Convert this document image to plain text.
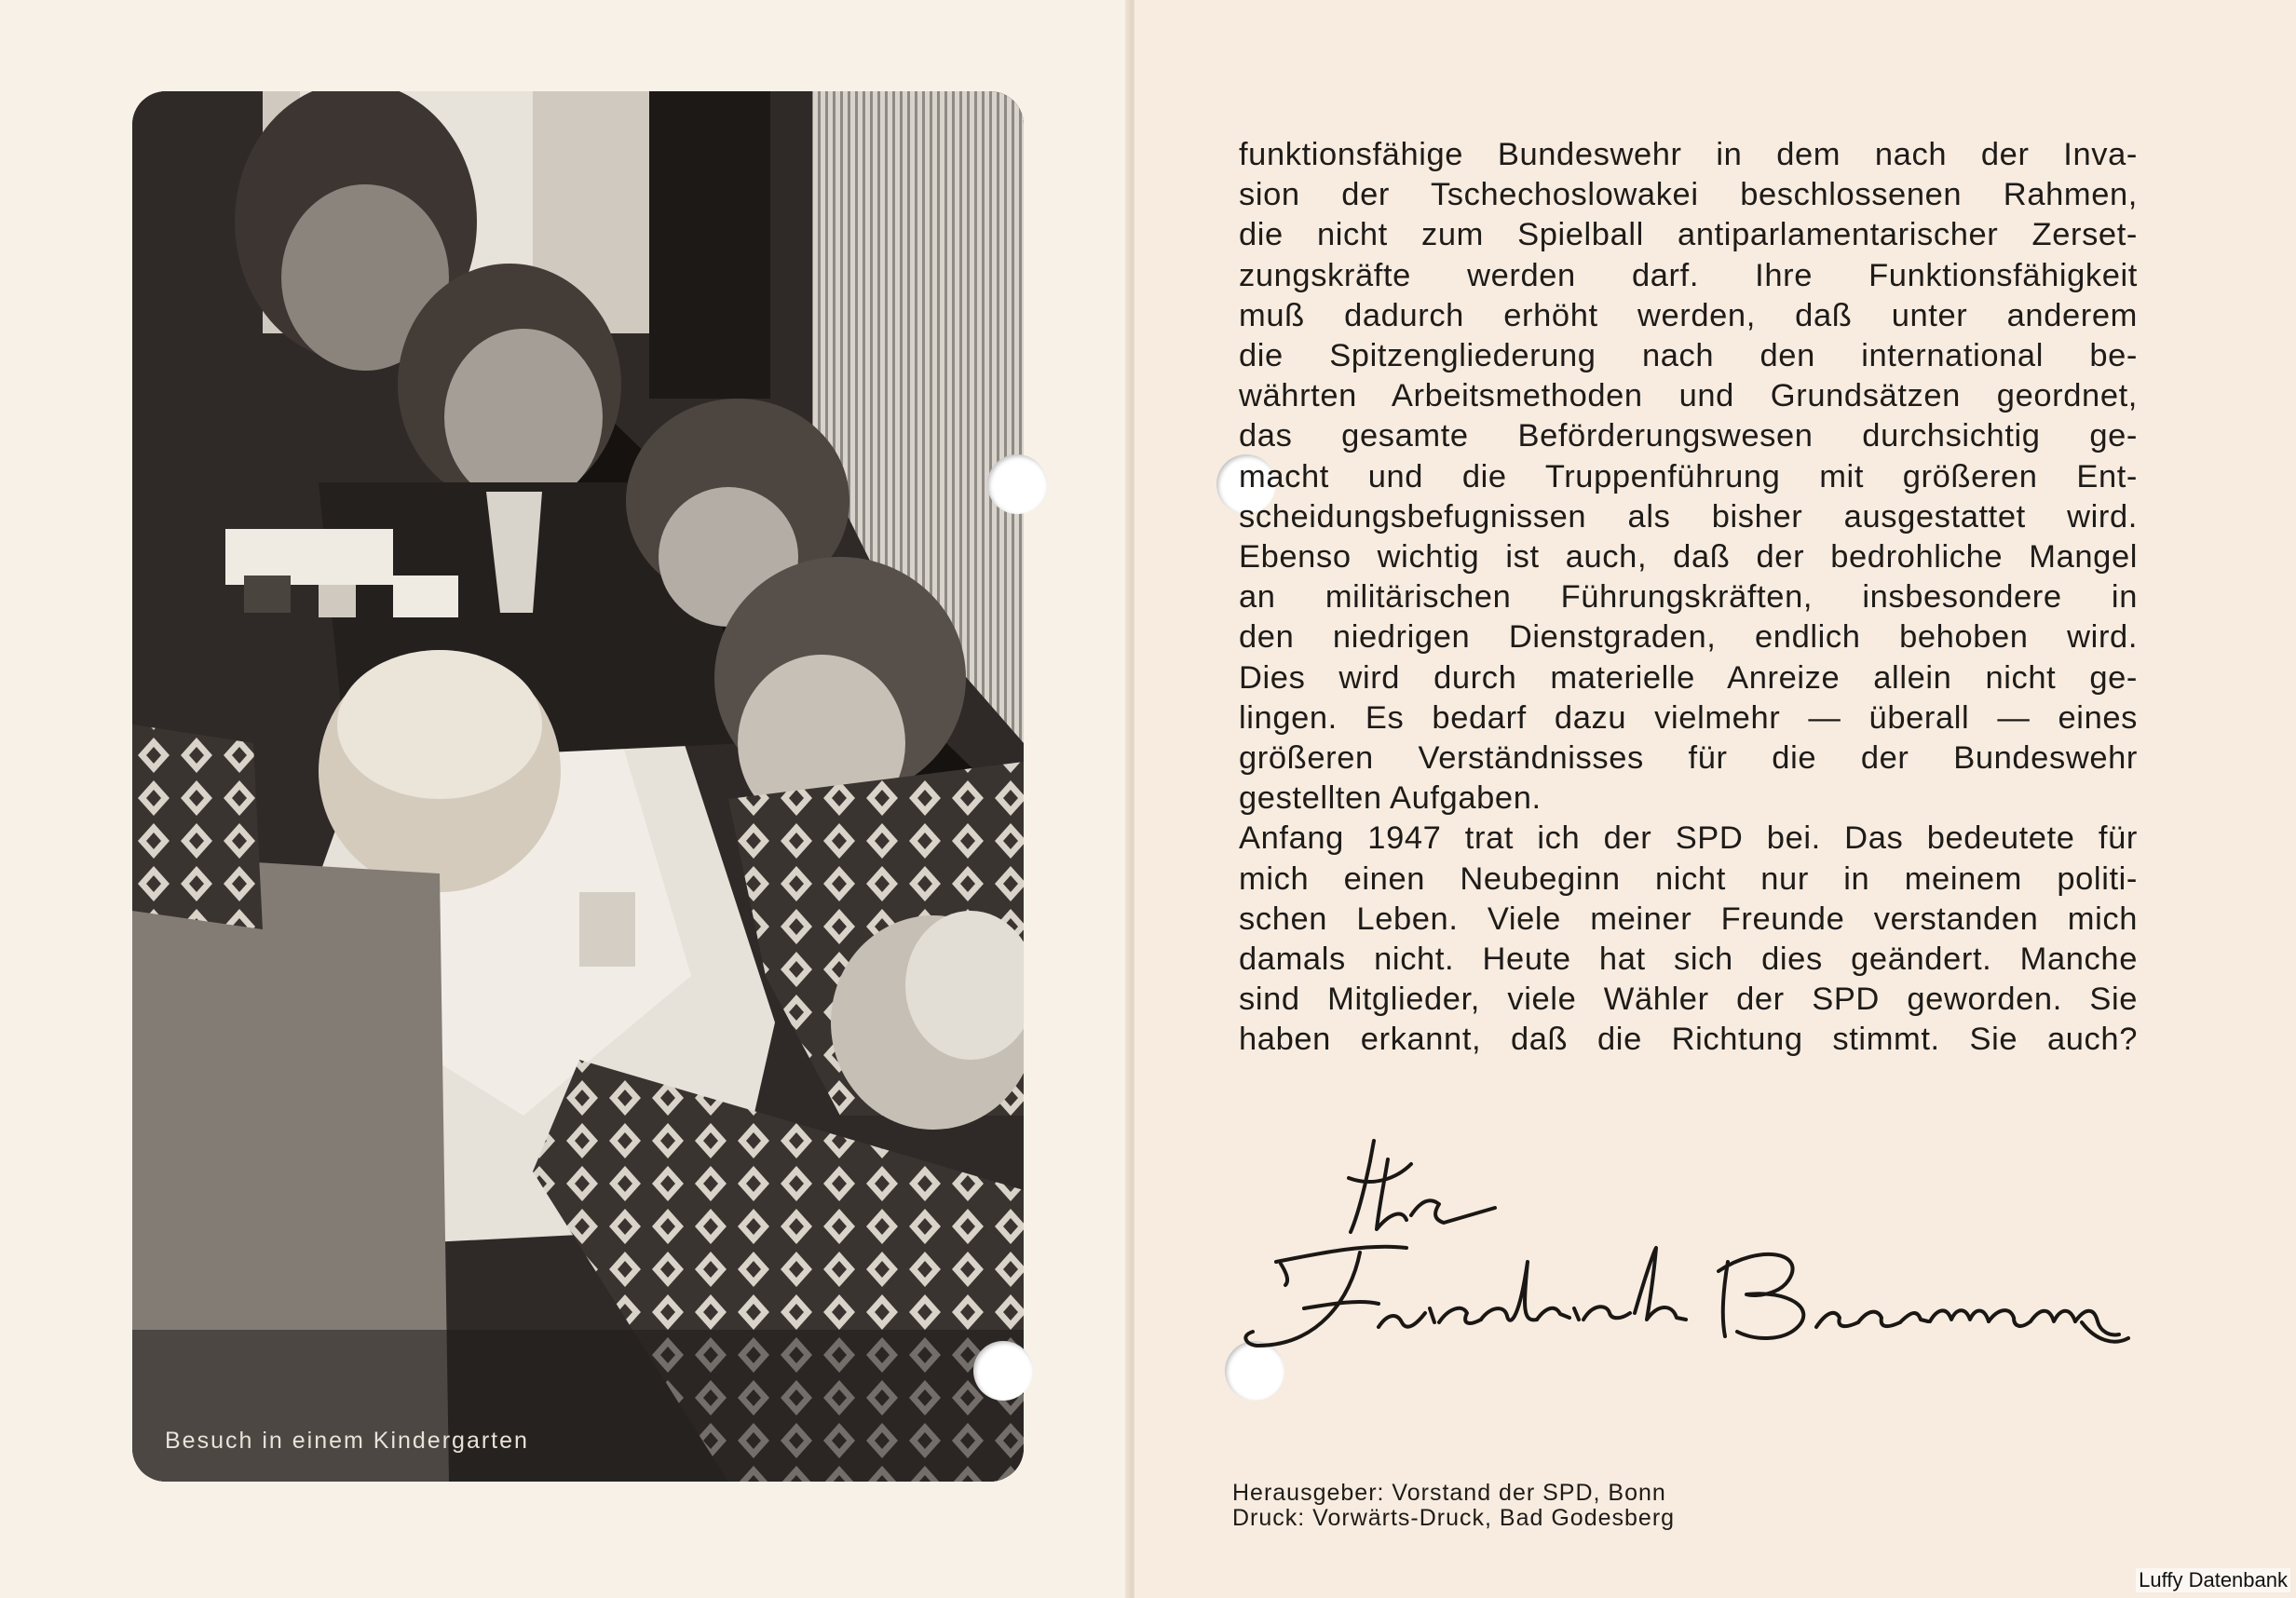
Besuch in einem Kindergarten
funktionsfähige Bundeswehr in dem nach der Inva-
sion der Tschechoslowakei beschlossenen Rahmen,
die nicht zum Spielball antiparlamentarischer Zerset-
zungskräfte werden darf. Ihre Funktionsfähigkeit
muß dadurch erhöht werden, daß unter anderem
die Spitzengliederung nach den international be-
währten Arbeitsmethoden und Grundsätzen geordnet,
das gesamte Beförderungswesen durchsichtig ge-
macht und die Truppenführung mit größeren Ent-
scheidungsbefugnissen als bisher ausgestattet wird.
Ebenso wichtig ist auch, daß der bedrohliche Mangel
an militärischen Führungskräften, insbesondere in
den niedrigen Dienstgraden, endlich behoben wird.
Dies wird durch materielle Anreize allein nicht ge-
lingen. Es bedarf dazu vielmehr — überall — eines
größeren Verständnisses für die der Bundeswehr
gestellten Aufgaben.
Anfang 1947 trat ich der SPD bei. Das bedeutete für
mich einen Neubeginn nicht nur in meinem politi-
schen Leben. Viele meiner Freunde verstanden mich
damals nicht. Heute hat sich dies geändert. Manche
sind Mitglieder, viele Wähler der SPD geworden. Sie
haben erkannt, daß die Richtung stimmt. Sie auch?
Herausgeber: Vorstand der SPD, Bonn
Druck: Vorwärts-Druck, Bad Godesberg
Luffy Datenbank
